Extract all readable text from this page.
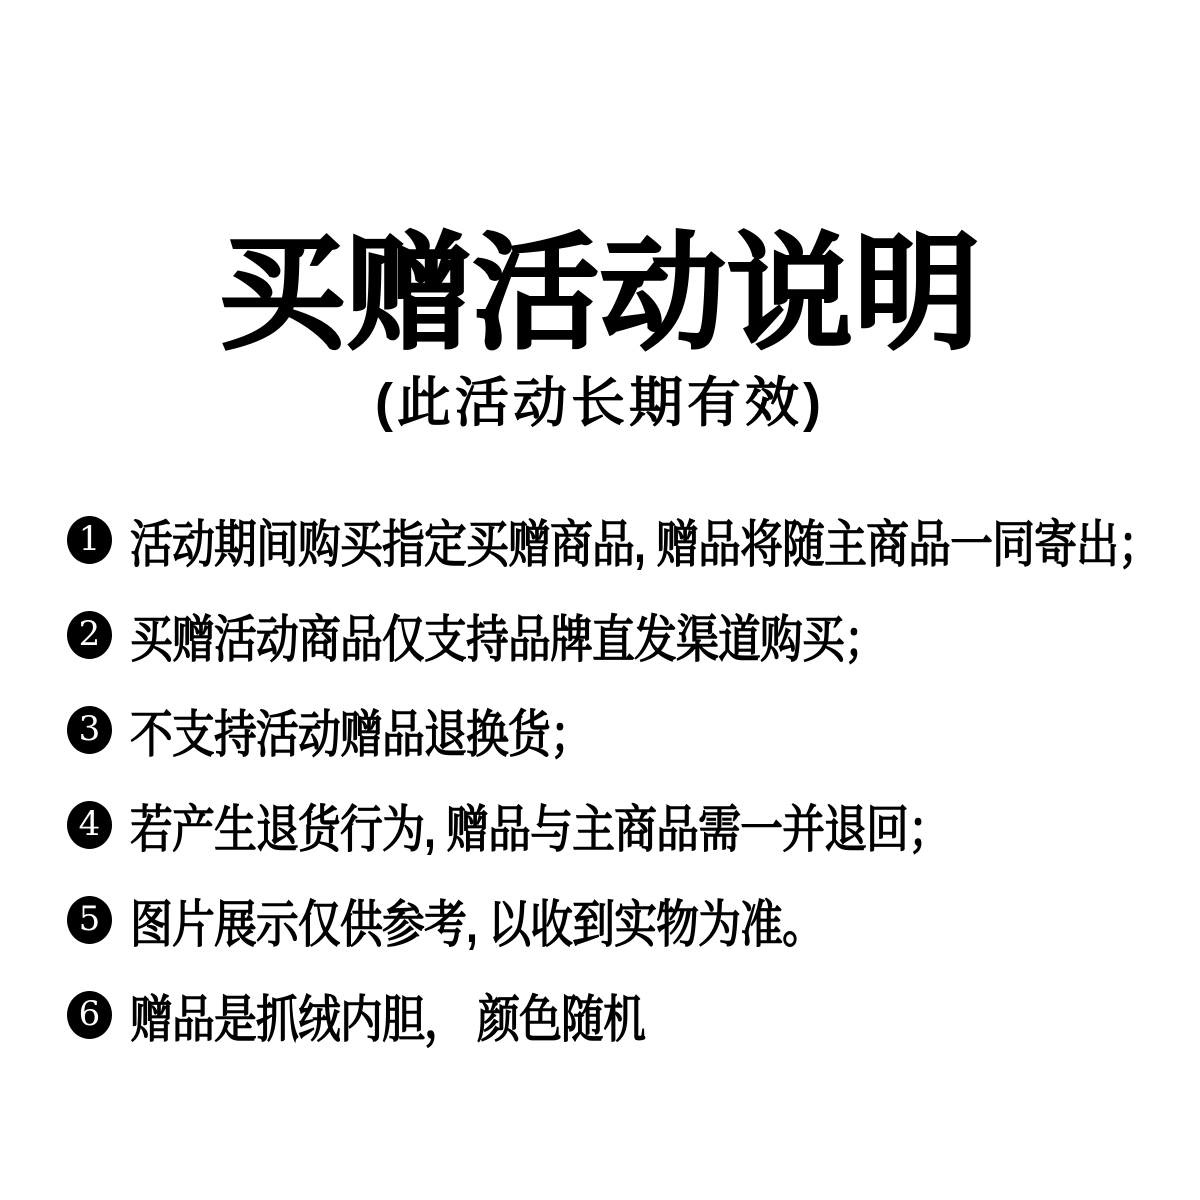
买赠活动说明
(此活动长期有效)
1 活动期间购买指定买赠商品, 赠品将随主商品一同寄出；
2 买赠活动商品仅支持品牌直发渠道购买；
3 不支持活动赠品退换货；
4 若产生退货行为, 赠品与主商品需一并退回；
5 图片展示仅供参考, 以收到实物为准。
6 赠品是抓绒内胆， 颜色随机
